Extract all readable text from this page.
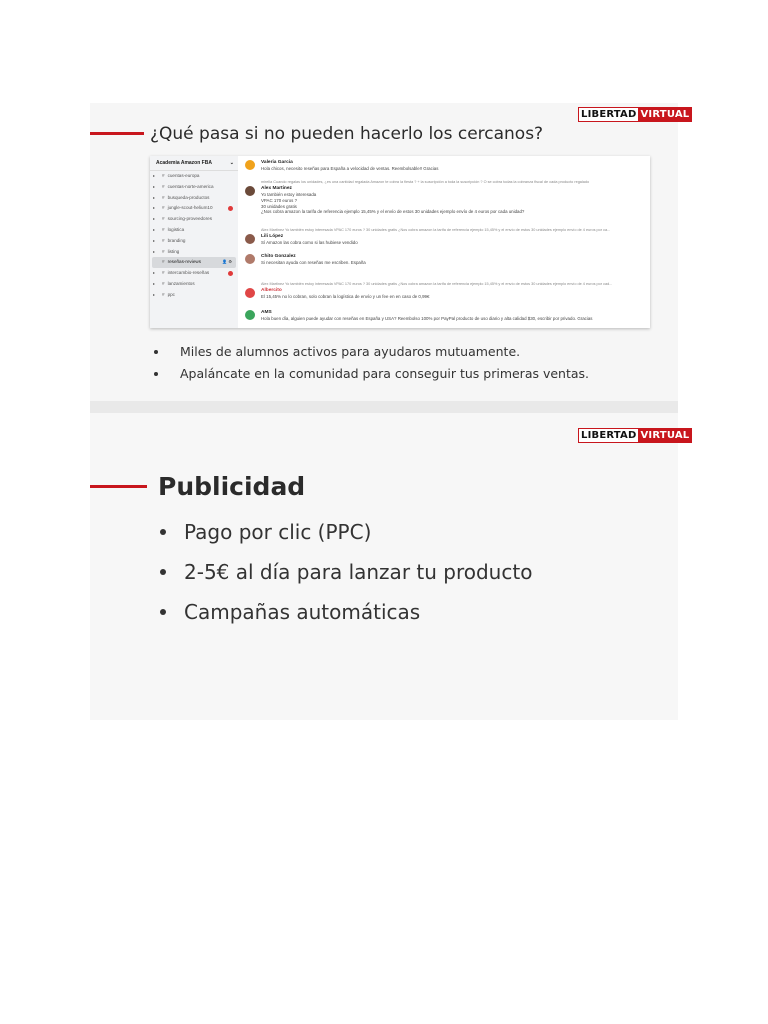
LIBERTAD VIRTUAL
¿Qué pasa si no pueden hacerlo los cercanos?
Academia Amazon FBA	⌄
▸ # cuentas-europa
▸ # cuentas-norte-america
▸ # busqueda-productos
▸ # jungle-scout-helium10
▸ # sourcing-proveedores
▸ # logistica
▸ # branding
▸ # listing
# reseñas-reviews	👤 ⚙
▸ # intercambio-reseñas
▸ # lanzamientos
▸ # ppc
Valeria Garcia
Hola chicos, necesito reseñas para España a velocidad de ventas. Reembolsable!! Gracias
mirella Cuando regalas los unidades, ¿es una cantidad regalada Amazon te cobra la fiesta ? + la suscripción a toda la suscripción ? O se cobra todas la cobranza fiscal de cada producto regalado
Alex Martinez
Yo también estoy interesada
VPAC 170 euros ?
30 unidades gratis
¿Nos cobra amazon la tarifa de referencia ejemplo 15,45% y el envío de estos 30 unidades ejemplo envío de 4 euros por cada unidad?
Alex Martinez Yo también estoy interesada VPAC 170 euros ? 30 unidades gratis ¿Nos cobra amazon la tarifa de referencia ejemplo 15,45% y el envío de estos 30 unidades ejemplo envío de 4 euros por ca...
Lili López
Sí Amazon las cobra como si las hubiese vendido
Chito Gonzalez
Si necesitan ayuda con reseñas me escriben. España
Alex Martinez Yo también estoy interesada VPAC 170 euros ? 30 unidades gratis ¿Nos cobra amazon la tarifa de referencia ejemplo 15,45% y el envío de estos 30 unidades ejemplo envío de 4 euros por cad...
Albercito
El 15,45% no lo cobran, solo cobran la logística de envío y un fee en en caso de 0,99€
AMS
Hola buen día, alguien puede ayudar con reseñas en España y USA? Reembolso 100% por PayPal producto de uso diario y alta calidad $30, escribir por privado. Gracias
Miles de alumnos activos para ayudaros mutuamente.
Apaláncate en la comunidad para conseguir tus primeras ventas.
LIBERTAD VIRTUAL
Publicidad
Pago por clic (PPC)
2-5€ al día para lanzar tu producto
Campañas automáticas
